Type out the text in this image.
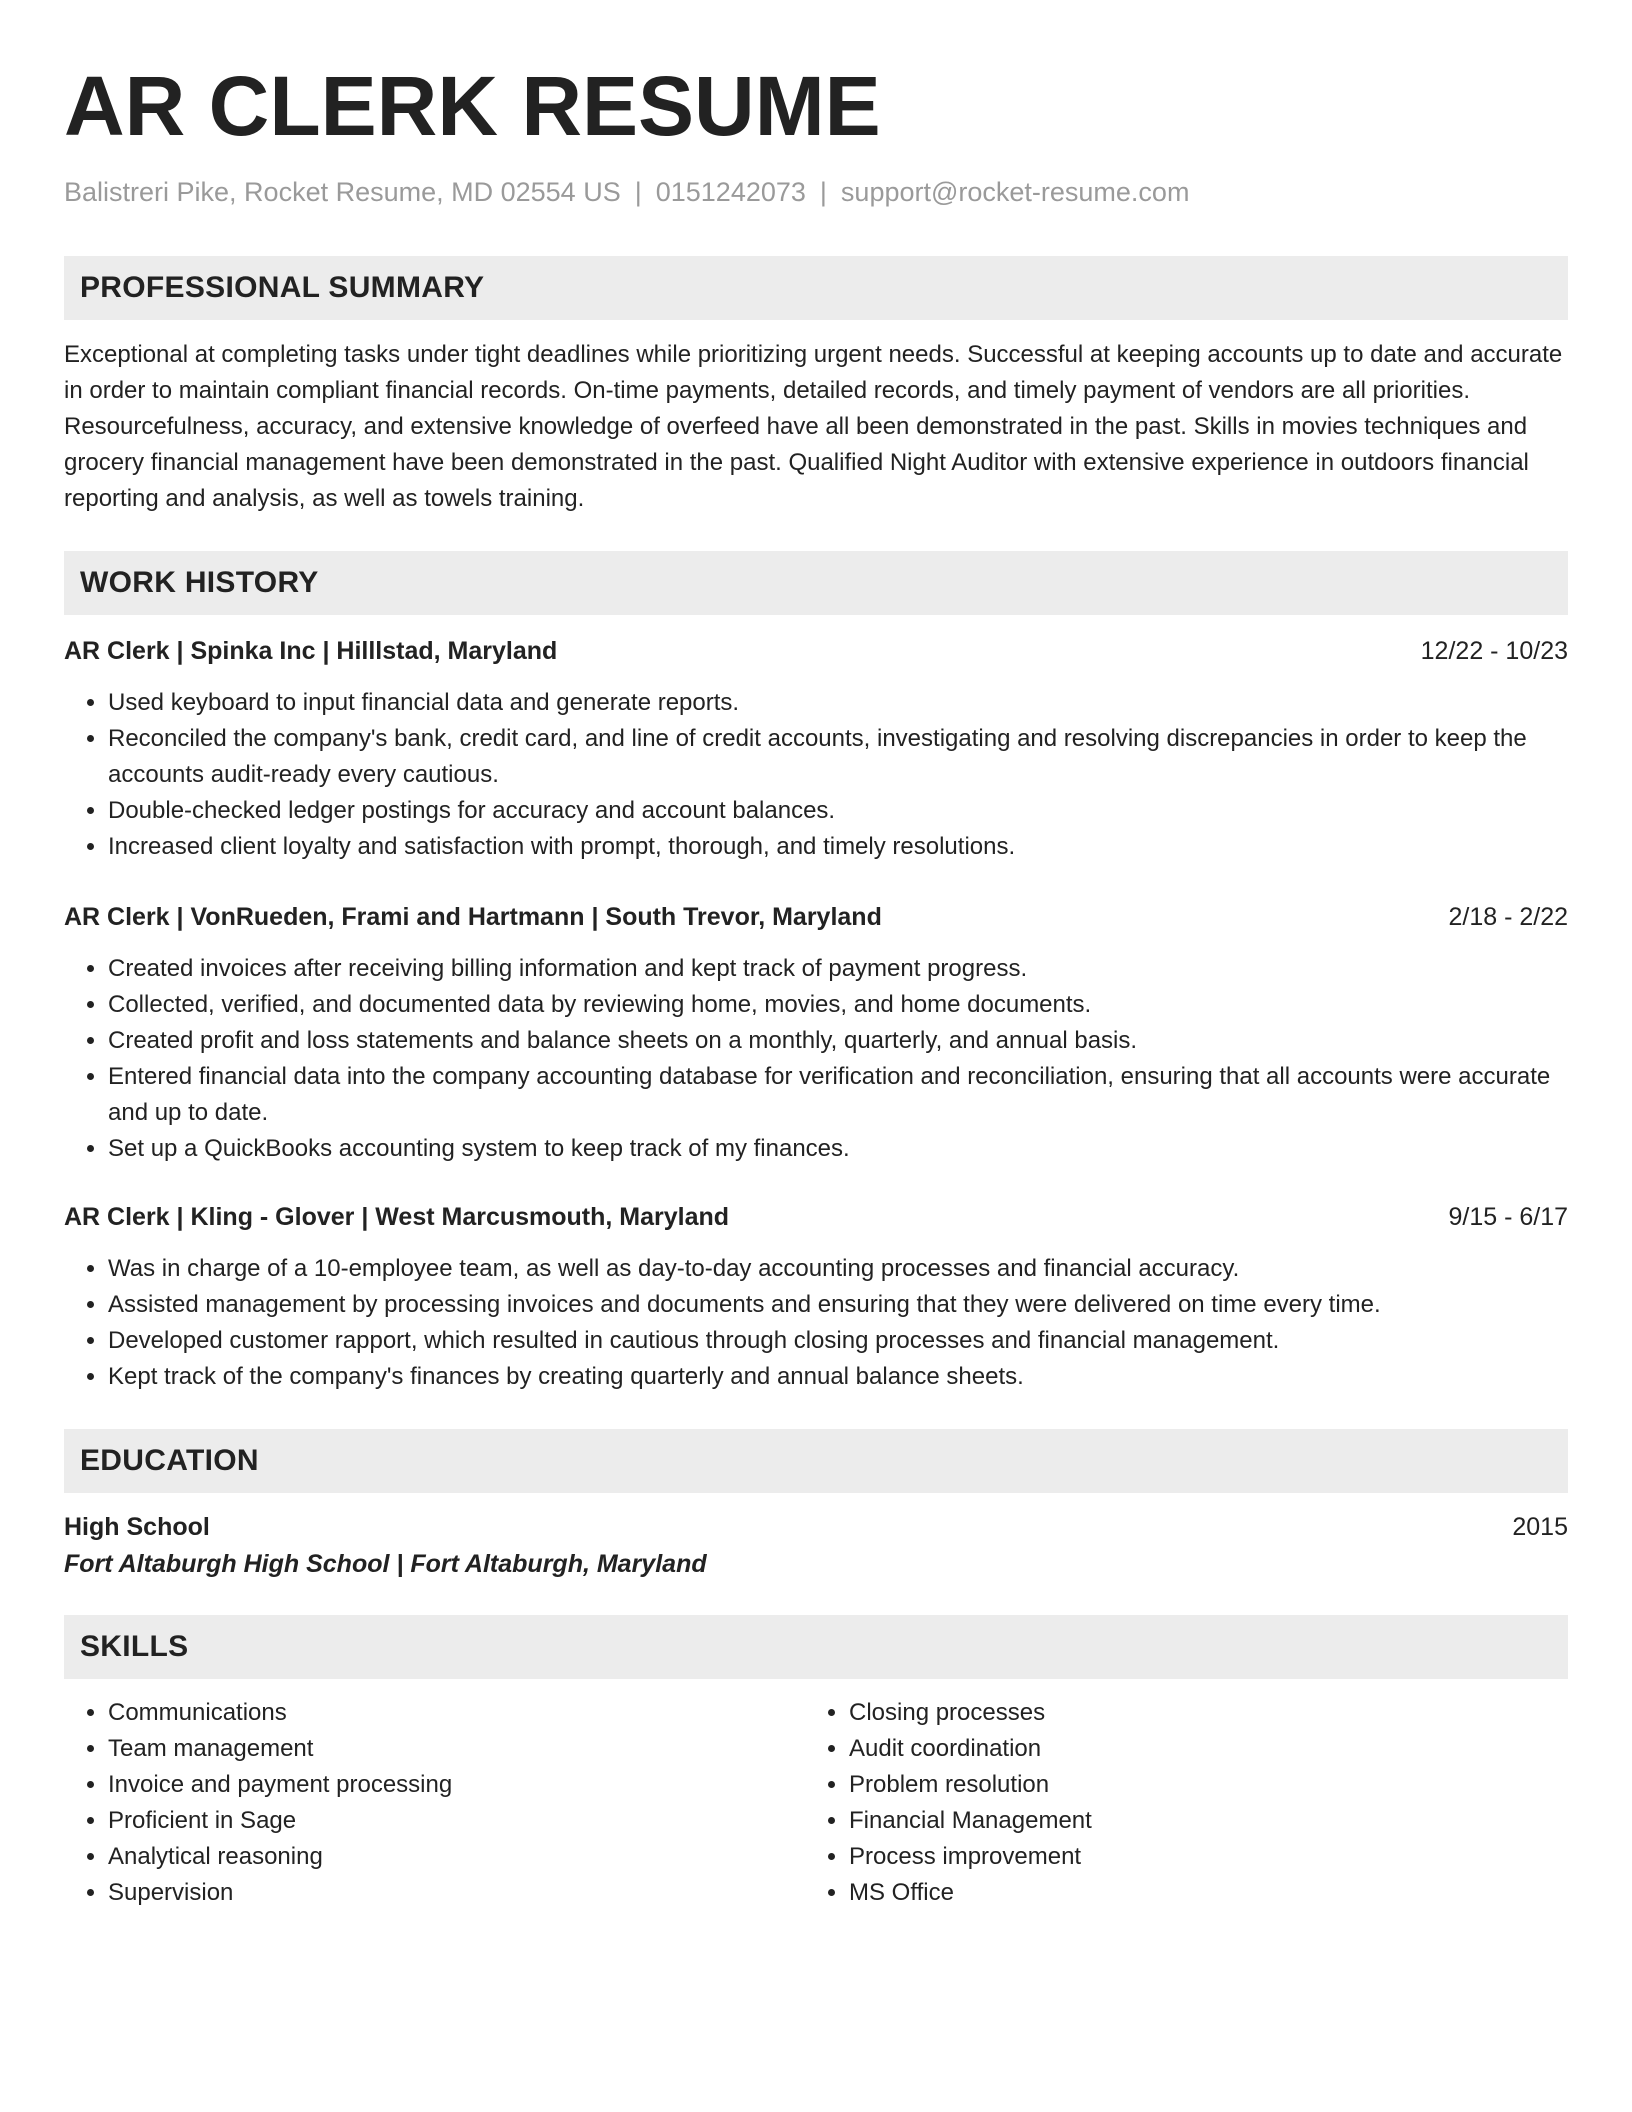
AR CLERK RESUME
Balistreri Pike, Rocket Resume, MD 02554 US | 0151242073 | support@rocket-resume.com
PROFESSIONAL SUMMARY

Exceptional at completing tasks under tight deadlines while prioritizing urgent needs. Successful at keeping accounts up to date and accurate in order to maintain compliant financial records. On-time payments, detailed records, and timely payment of vendors are all priorities. Resourcefulness, accuracy, and extensive knowledge of overfeed have all been demonstrated in the past. Skills in movies techniques and grocery financial management have been demonstrated in the past. Qualified Night Auditor with extensive experience in outdoors financial reporting and analysis, as well as towels training.

WORK HISTORY
AR Clerk | Spinka Inc | Hilllstad, Maryland	12/22 - 10/23
• Used keyboard to input financial data and generate reports.
• Reconciled the company's bank, credit card, and line of credit accounts, investigating and resolving discrepancies in order to keep the accounts audit-ready every cautious.
• Double-checked ledger postings for accuracy and account balances.
• Increased client loyalty and satisfaction with prompt, thorough, and timely resolutions.
AR Clerk | VonRueden, Frami and Hartmann | South Trevor, Maryland	2/18 - 2/22
• Created invoices after receiving billing information and kept track of payment progress.
• Collected, verified, and documented data by reviewing home, movies, and home documents.
• Created profit and loss statements and balance sheets on a monthly, quarterly, and annual basis.
• Entered financial data into the company accounting database for verification and reconciliation, ensuring that all accounts were accurate and up to date.
• Set up a QuickBooks accounting system to keep track of my finances.
AR Clerk | Kling - Glover | West Marcusmouth, Maryland	9/15 - 6/17
• Was in charge of a 10-employee team, as well as day-to-day accounting processes and financial accuracy.
• Assisted management by processing invoices and documents and ensuring that they were delivered on time every time.
• Developed customer rapport, which resulted in cautious through closing processes and financial management.
• Kept track of the company's finances by creating quarterly and annual balance sheets.
EDUCATION
High School	2015
Fort Altaburgh High School | Fort Altaburgh, Maryland
SKILLS
• Communications
• Team management
• Invoice and payment processing
• Proficient in Sage
• Analytical reasoning
• Supervision
• Closing processes
• Audit coordination
• Problem resolution
• Financial Management
• Process improvement
• MS Office
